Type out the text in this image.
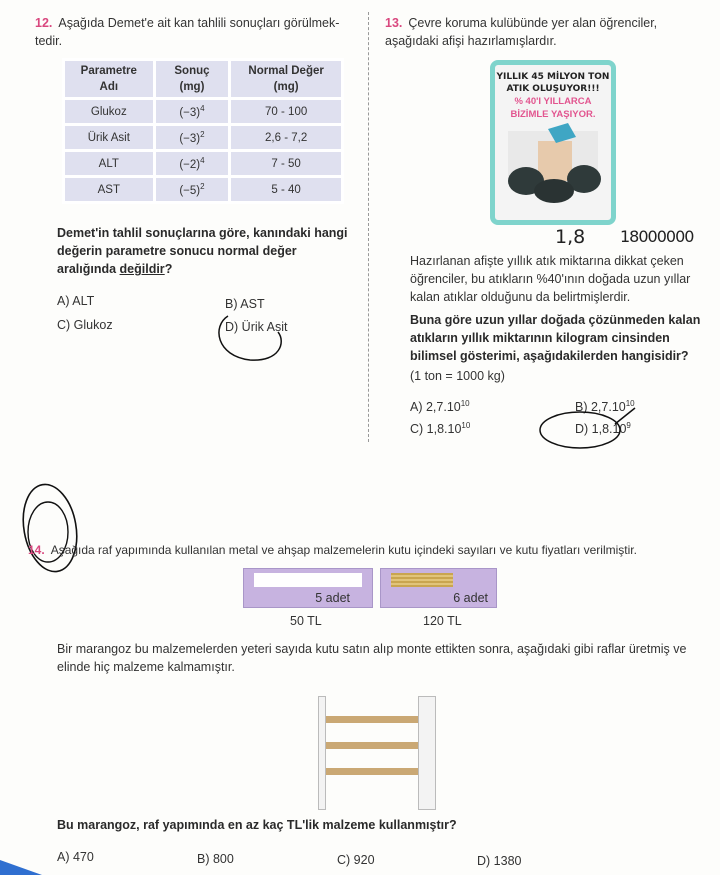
12. Aşağıda Demet'e ait kan tahlili sonuçları görülmek-tedir.
Parametre Adı	Sonuç (mg)	Normal Değer (mg)
Glukoz	$(-3)^4$	70 - 100
Ürik Asit	$(-3)^2$	2,6 - 7,2
ALT	$(-2)^4$	7 - 50
AST	$(-5)^2$	5 - 40
Demet'in tahlil sonuçlarına göre, kanındaki hangi değerin parametre sonucu normal değer aralığında değildir?
A) ALT	B) AST
C) Glukoz	D) Ürik Asit
13. Çevre koruma kulübünde yer alan öğrenciler, aşağıdaki afişi hazırlamışlardır.
YILLIK 45 MİLYON TON
ATIK OLUŞUYOR!!!
% 40'I YILLARCA
BİZİMLE YAŞIYOR.
1,8 18000000
Hazırlanan afişte yıllık atık miktarına dikkat çeken öğrenciler, bu atıkların %40'ının doğada uzun yıllar kalan atıklar olduğunu da belirtmişlerdir.
Buna göre uzun yıllar doğada çözünmeden kalan atıkların yıllık miktarının kilogram cinsinden bilimsel gösterimi, aşağıdakilerden hangisidir?
(1 ton = 1000 kg)
A) 2,7.10$^{10}$	B) 2,7.10$^{10}$
C) 1,8.10$^{10}$	D) 1,8.10$^9$
14. Aşağıda raf yapımında kullanılan metal ve ahşap malzemelerin kutu içindeki sayıları ve kutu fiyatları verilmiştir.
5 adet
50 TL
6 adet
120 TL
Bir marangoz bu malzemelerden yeteri sayıda kutu satın alıp monte ettikten sonra, aşağıdaki gibi raflar üretmiş ve elinde hiç malzeme kalmamıştır.
Bu marangoz, raf yapımında en az kaç TL'lik malzeme kullanmıştır?
A) 470	B) 800	C) 920	D) 1380
